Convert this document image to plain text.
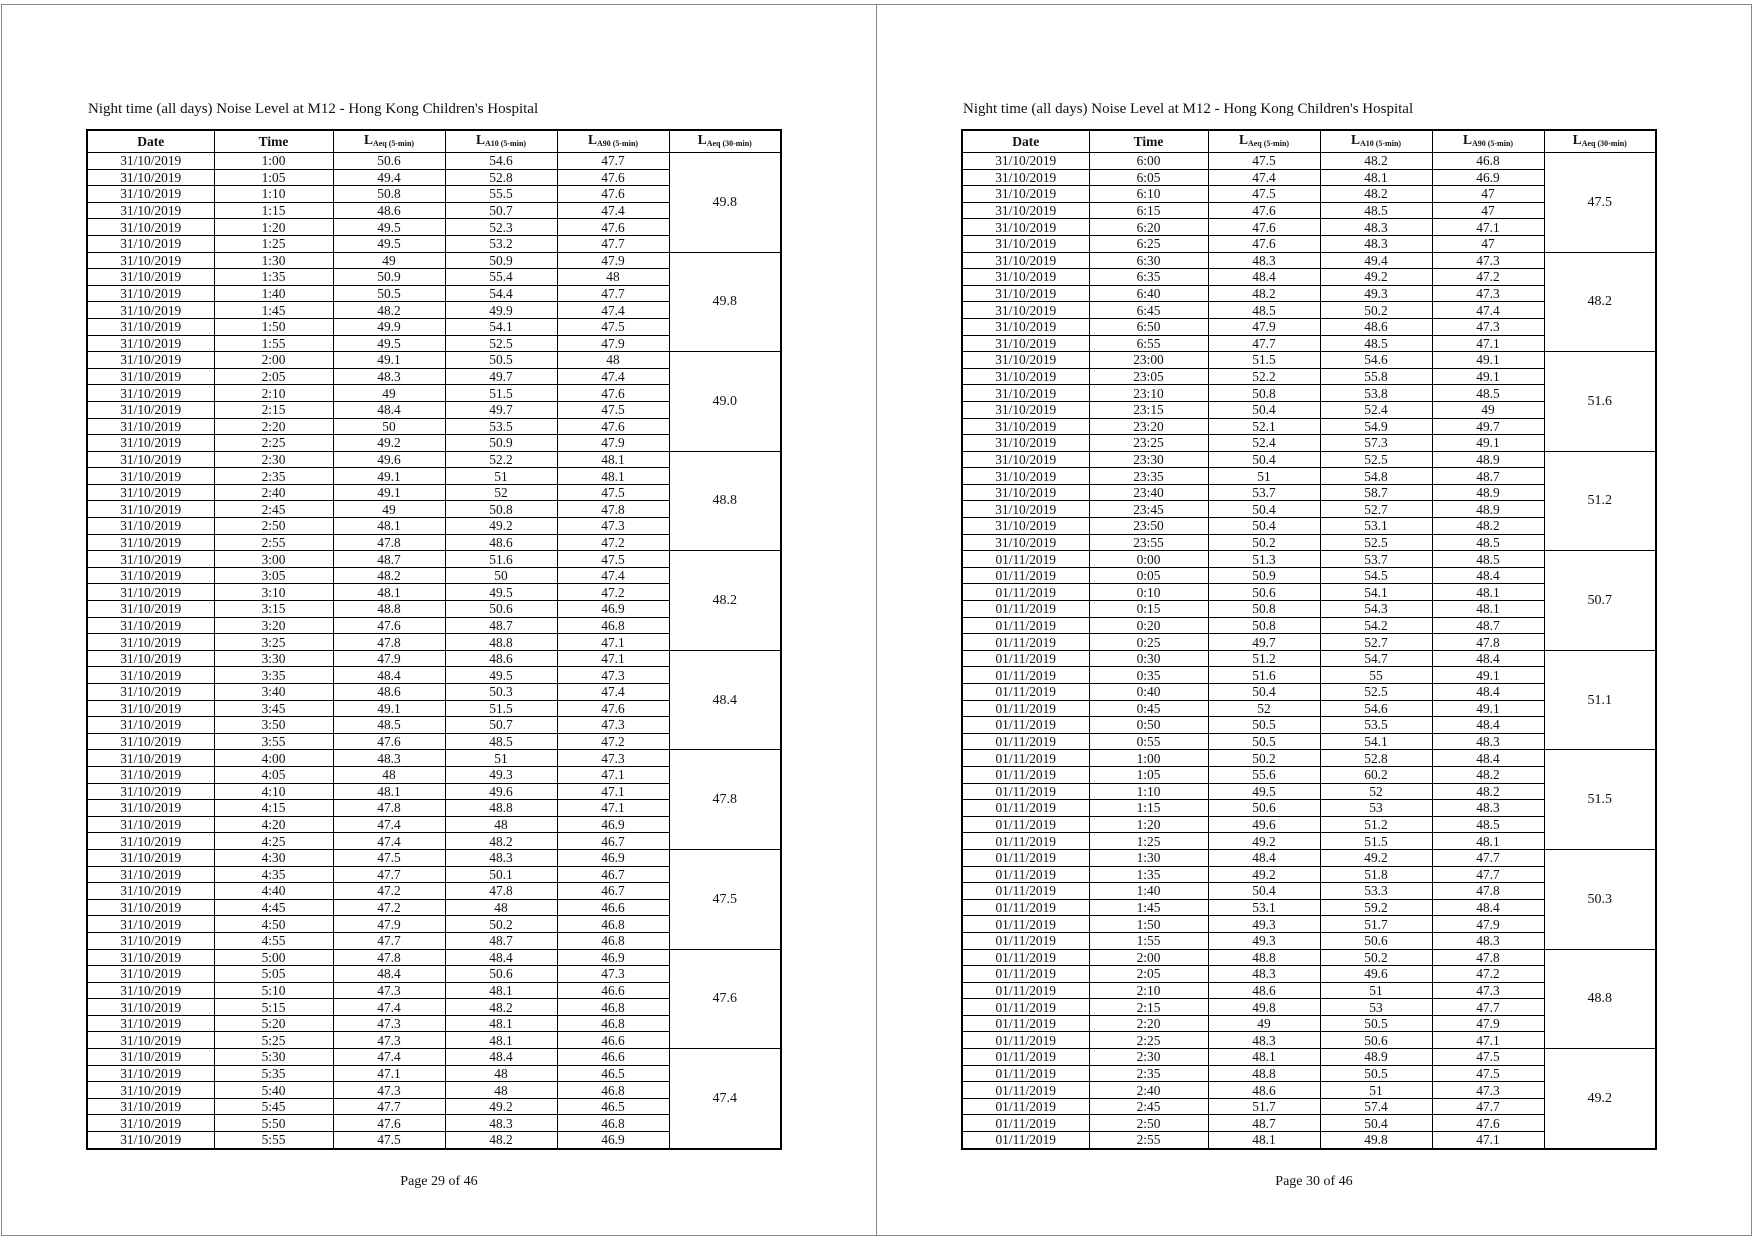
Night time (all days) Noise Level at M12 - Hong Kong Children's Hospital
Date	Time	$L_{Aeq (5-min)}$	$L_{A10 (5-min)}$	$L_{A90 (5-min)}$	$L_{Aeq (30-min)}$
31/10/2019	1:00	50.6	54.6	47.7	49.8
31/10/2019	1:05	49.4	52.8	47.6	
31/10/2019	1:10	50.8	55.5	47.6	
31/10/2019	1:15	48.6	50.7	47.4	
31/10/2019	1:20	49.5	52.3	47.6	
31/10/2019	1:25	49.5	53.2	47.7	
31/10/2019	1:30	49	50.9	47.9	49.8
31/10/2019	1:35	50.9	55.4	48	
31/10/2019	1:40	50.5	54.4	47.7	
31/10/2019	1:45	48.2	49.9	47.4	
31/10/2019	1:50	49.9	54.1	47.5	
31/10/2019	1:55	49.5	52.5	47.9	
31/10/2019	2:00	49.1	50.5	48	49.0
31/10/2019	2:05	48.3	49.7	47.4	
31/10/2019	2:10	49	51.5	47.6	
31/10/2019	2:15	48.4	49.7	47.5	
31/10/2019	2:20	50	53.5	47.6	
31/10/2019	2:25	49.2	50.9	47.9	
31/10/2019	2:30	49.6	52.2	48.1	48.8
31/10/2019	2:35	49.1	51	48.1	
31/10/2019	2:40	49.1	52	47.5	
31/10/2019	2:45	49	50.8	47.8	
31/10/2019	2:50	48.1	49.2	47.3	
31/10/2019	2:55	47.8	48.6	47.2	
31/10/2019	3:00	48.7	51.6	47.5	48.2
31/10/2019	3:05	48.2	50	47.4	
31/10/2019	3:10	48.1	49.5	47.2	
31/10/2019	3:15	48.8	50.6	46.9	
31/10/2019	3:20	47.6	48.7	46.8	
31/10/2019	3:25	47.8	48.8	47.1	
31/10/2019	3:30	47.9	48.6	47.1	48.4
31/10/2019	3:35	48.4	49.5	47.3	
31/10/2019	3:40	48.6	50.3	47.4	
31/10/2019	3:45	49.1	51.5	47.6	
31/10/2019	3:50	48.5	50.7	47.3	
31/10/2019	3:55	47.6	48.5	47.2	
31/10/2019	4:00	48.3	51	47.3	47.8
31/10/2019	4:05	48	49.3	47.1	
31/10/2019	4:10	48.1	49.6	47.1	
31/10/2019	4:15	47.8	48.8	47.1	
31/10/2019	4:20	47.4	48	46.9	
31/10/2019	4:25	47.4	48.2	46.7	
31/10/2019	4:30	47.5	48.3	46.9	47.5
31/10/2019	4:35	47.7	50.1	46.7	
31/10/2019	4:40	47.2	47.8	46.7	
31/10/2019	4:45	47.2	48	46.6	
31/10/2019	4:50	47.9	50.2	46.8	
31/10/2019	4:55	47.7	48.7	46.8	
31/10/2019	5:00	47.8	48.4	46.9	47.6
31/10/2019	5:05	48.4	50.6	47.3	
31/10/2019	5:10	47.3	48.1	46.6	
31/10/2019	5:15	47.4	48.2	46.8	
31/10/2019	5:20	47.3	48.1	46.8	
31/10/2019	5:25	47.3	48.1	46.6	
31/10/2019	5:30	47.4	48.4	46.6	47.4
31/10/2019	5:35	47.1	48	46.5	
31/10/2019	5:40	47.3	48	46.8	
31/10/2019	5:45	47.7	49.2	46.5	
31/10/2019	5:50	47.6	48.3	46.8	
31/10/2019	5:55	47.5	48.2	46.9	
Page 29 of 46
Night time (all days) Noise Level at M12 - Hong Kong Children's Hospital
Date	Time	$L_{Aeq (5-min)}$	$L_{A10 (5-min)}$	$L_{A90 (5-min)}$	$L_{Aeq (30-min)}$
31/10/2019	6:00	47.5	48.2	46.8	47.5
31/10/2019	6:05	47.4	48.1	46.9	
31/10/2019	6:10	47.5	48.2	47	
31/10/2019	6:15	47.6	48.5	47	
31/10/2019	6:20	47.6	48.3	47.1	
31/10/2019	6:25	47.6	48.3	47	
31/10/2019	6:30	48.3	49.4	47.3	48.2
31/10/2019	6:35	48.4	49.2	47.2	
31/10/2019	6:40	48.2	49.3	47.3	
31/10/2019	6:45	48.5	50.2	47.4	
31/10/2019	6:50	47.9	48.6	47.3	
31/10/2019	6:55	47.7	48.5	47.1	
31/10/2019	23:00	51.5	54.6	49.1	51.6
31/10/2019	23:05	52.2	55.8	49.1	
31/10/2019	23:10	50.8	53.8	48.5	
31/10/2019	23:15	50.4	52.4	49	
31/10/2019	23:20	52.1	54.9	49.7	
31/10/2019	23:25	52.4	57.3	49.1	
31/10/2019	23:30	50.4	52.5	48.9	51.2
31/10/2019	23:35	51	54.8	48.7	
31/10/2019	23:40	53.7	58.7	48.9	
31/10/2019	23:45	50.4	52.7	48.9	
31/10/2019	23:50	50.4	53.1	48.2	
31/10/2019	23:55	50.2	52.5	48.5	
01/11/2019	0:00	51.3	53.7	48.5	50.7
01/11/2019	0:05	50.9	54.5	48.4	
01/11/2019	0:10	50.6	54.1	48.1	
01/11/2019	0:15	50.8	54.3	48.1	
01/11/2019	0:20	50.8	54.2	48.7	
01/11/2019	0:25	49.7	52.7	47.8	
01/11/2019	0:30	51.2	54.7	48.4	51.1
01/11/2019	0:35	51.6	55	49.1	
01/11/2019	0:40	50.4	52.5	48.4	
01/11/2019	0:45	52	54.6	49.1	
01/11/2019	0:50	50.5	53.5	48.4	
01/11/2019	0:55	50.5	54.1	48.3	
01/11/2019	1:00	50.2	52.8	48.4	51.5
01/11/2019	1:05	55.6	60.2	48.2	
01/11/2019	1:10	49.5	52	48.2	
01/11/2019	1:15	50.6	53	48.3	
01/11/2019	1:20	49.6	51.2	48.5	
01/11/2019	1:25	49.2	51.5	48.1	
01/11/2019	1:30	48.4	49.2	47.7	50.3
01/11/2019	1:35	49.2	51.8	47.7	
01/11/2019	1:40	50.4	53.3	47.8	
01/11/2019	1:45	53.1	59.2	48.4	
01/11/2019	1:50	49.3	51.7	47.9	
01/11/2019	1:55	49.3	50.6	48.3	
01/11/2019	2:00	48.8	50.2	47.8	48.8
01/11/2019	2:05	48.3	49.6	47.2	
01/11/2019	2:10	48.6	51	47.3	
01/11/2019	2:15	49.8	53	47.7	
01/11/2019	2:20	49	50.5	47.9	
01/11/2019	2:25	48.3	50.6	47.1	
01/11/2019	2:30	48.1	48.9	47.5	49.2
01/11/2019	2:35	48.8	50.5	47.5	
01/11/2019	2:40	48.6	51	47.3	
01/11/2019	2:45	51.7	57.4	47.7	
01/11/2019	2:50	48.7	50.4	47.6	
01/11/2019	2:55	48.1	49.8	47.1	
Page 30 of 46
